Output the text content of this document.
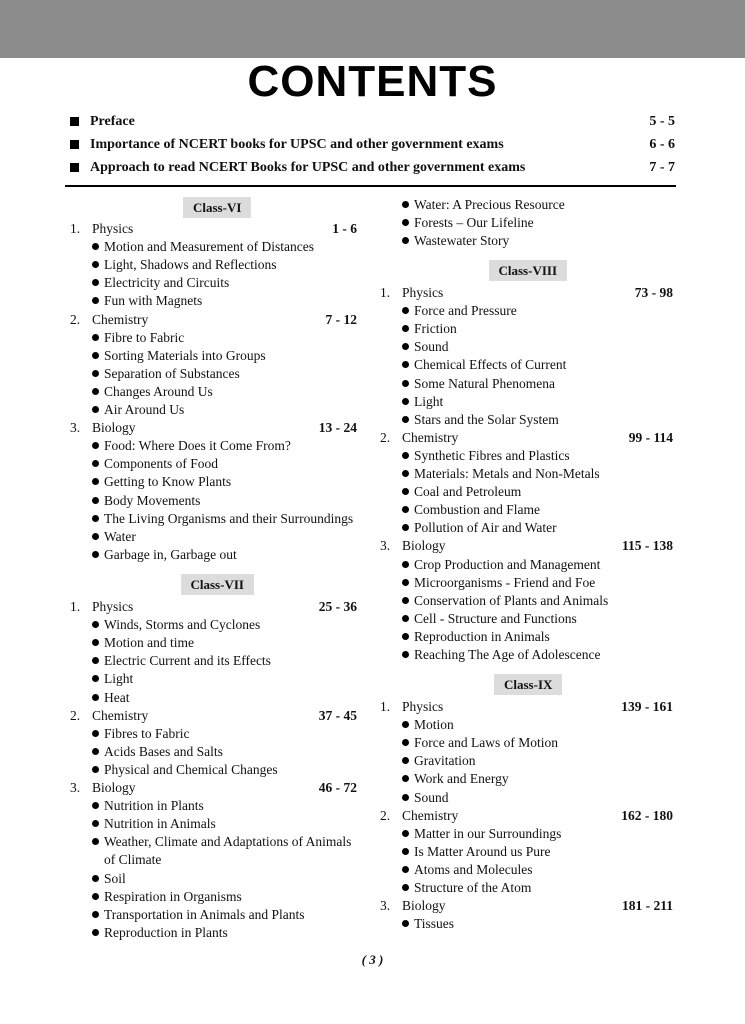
CONTENTS
Preface	5 - 5
Importance of NCERT books for UPSC and other government exams	6 - 6
Approach to read NCERT Books for UPSC and other government exams	7 - 7
Class-VI
1. Physics	1 - 6
Motion and Measurement of Distances
Light, Shadows and Reflections
Electricity and Circuits
Fun with Magnets
2. Chemistry	7 - 12
Fibre to Fabric
Sorting Materials into Groups
Separation of Substances
Changes Around Us
Air Around Us
3. Biology	13 - 24
Food: Where Does it Come From?
Components of Food
Getting to Know Plants
Body Movements
The Living Organisms and their Surroundings
Water
Garbage in, Garbage out
Class-VII
1. Physics	25 - 36
Winds, Storms and Cyclones
Motion and time
Electric Current and its Effects
Light
Heat
2. Chemistry	37 - 45
Fibres to Fabric
Acids Bases and Salts
Physical and Chemical Changes
3. Biology	46 - 72
Nutrition in Plants
Nutrition in Animals
Weather, Climate and Adaptations of Animals
of Climate
Soil
Respiration in Organisms
Transportation in Animals and Plants
Reproduction in Plants
Water: A Precious Resource
Forests – Our Lifeline
Wastewater Story
Class-VIII
1. Physics	73 - 98
Force and Pressure
Friction
Sound
Chemical Effects of Current
Some Natural Phenomena
Light
Stars and the Solar System
2. Chemistry	99 - 114
Synthetic Fibres and Plastics
Materials: Metals and Non-Metals
Coal and Petroleum
Combustion and Flame
Pollution of Air and Water
3. Biology	115 - 138
Crop Production and Management
Microorganisms - Friend and Foe
Conservation of Plants and Animals
Cell - Structure and Functions
Reproduction in Animals
Reaching The Age of Adolescence
Class-IX
1. Physics	139 - 161
Motion
Force and Laws of Motion
Gravitation
Work and Energy
Sound
2. Chemistry	162 - 180
Matter in our Surroundings
Is Matter Around us Pure
Atoms and Molecules
Structure of the Atom
3. Biology	181 - 211
Tissues
( 3 )
